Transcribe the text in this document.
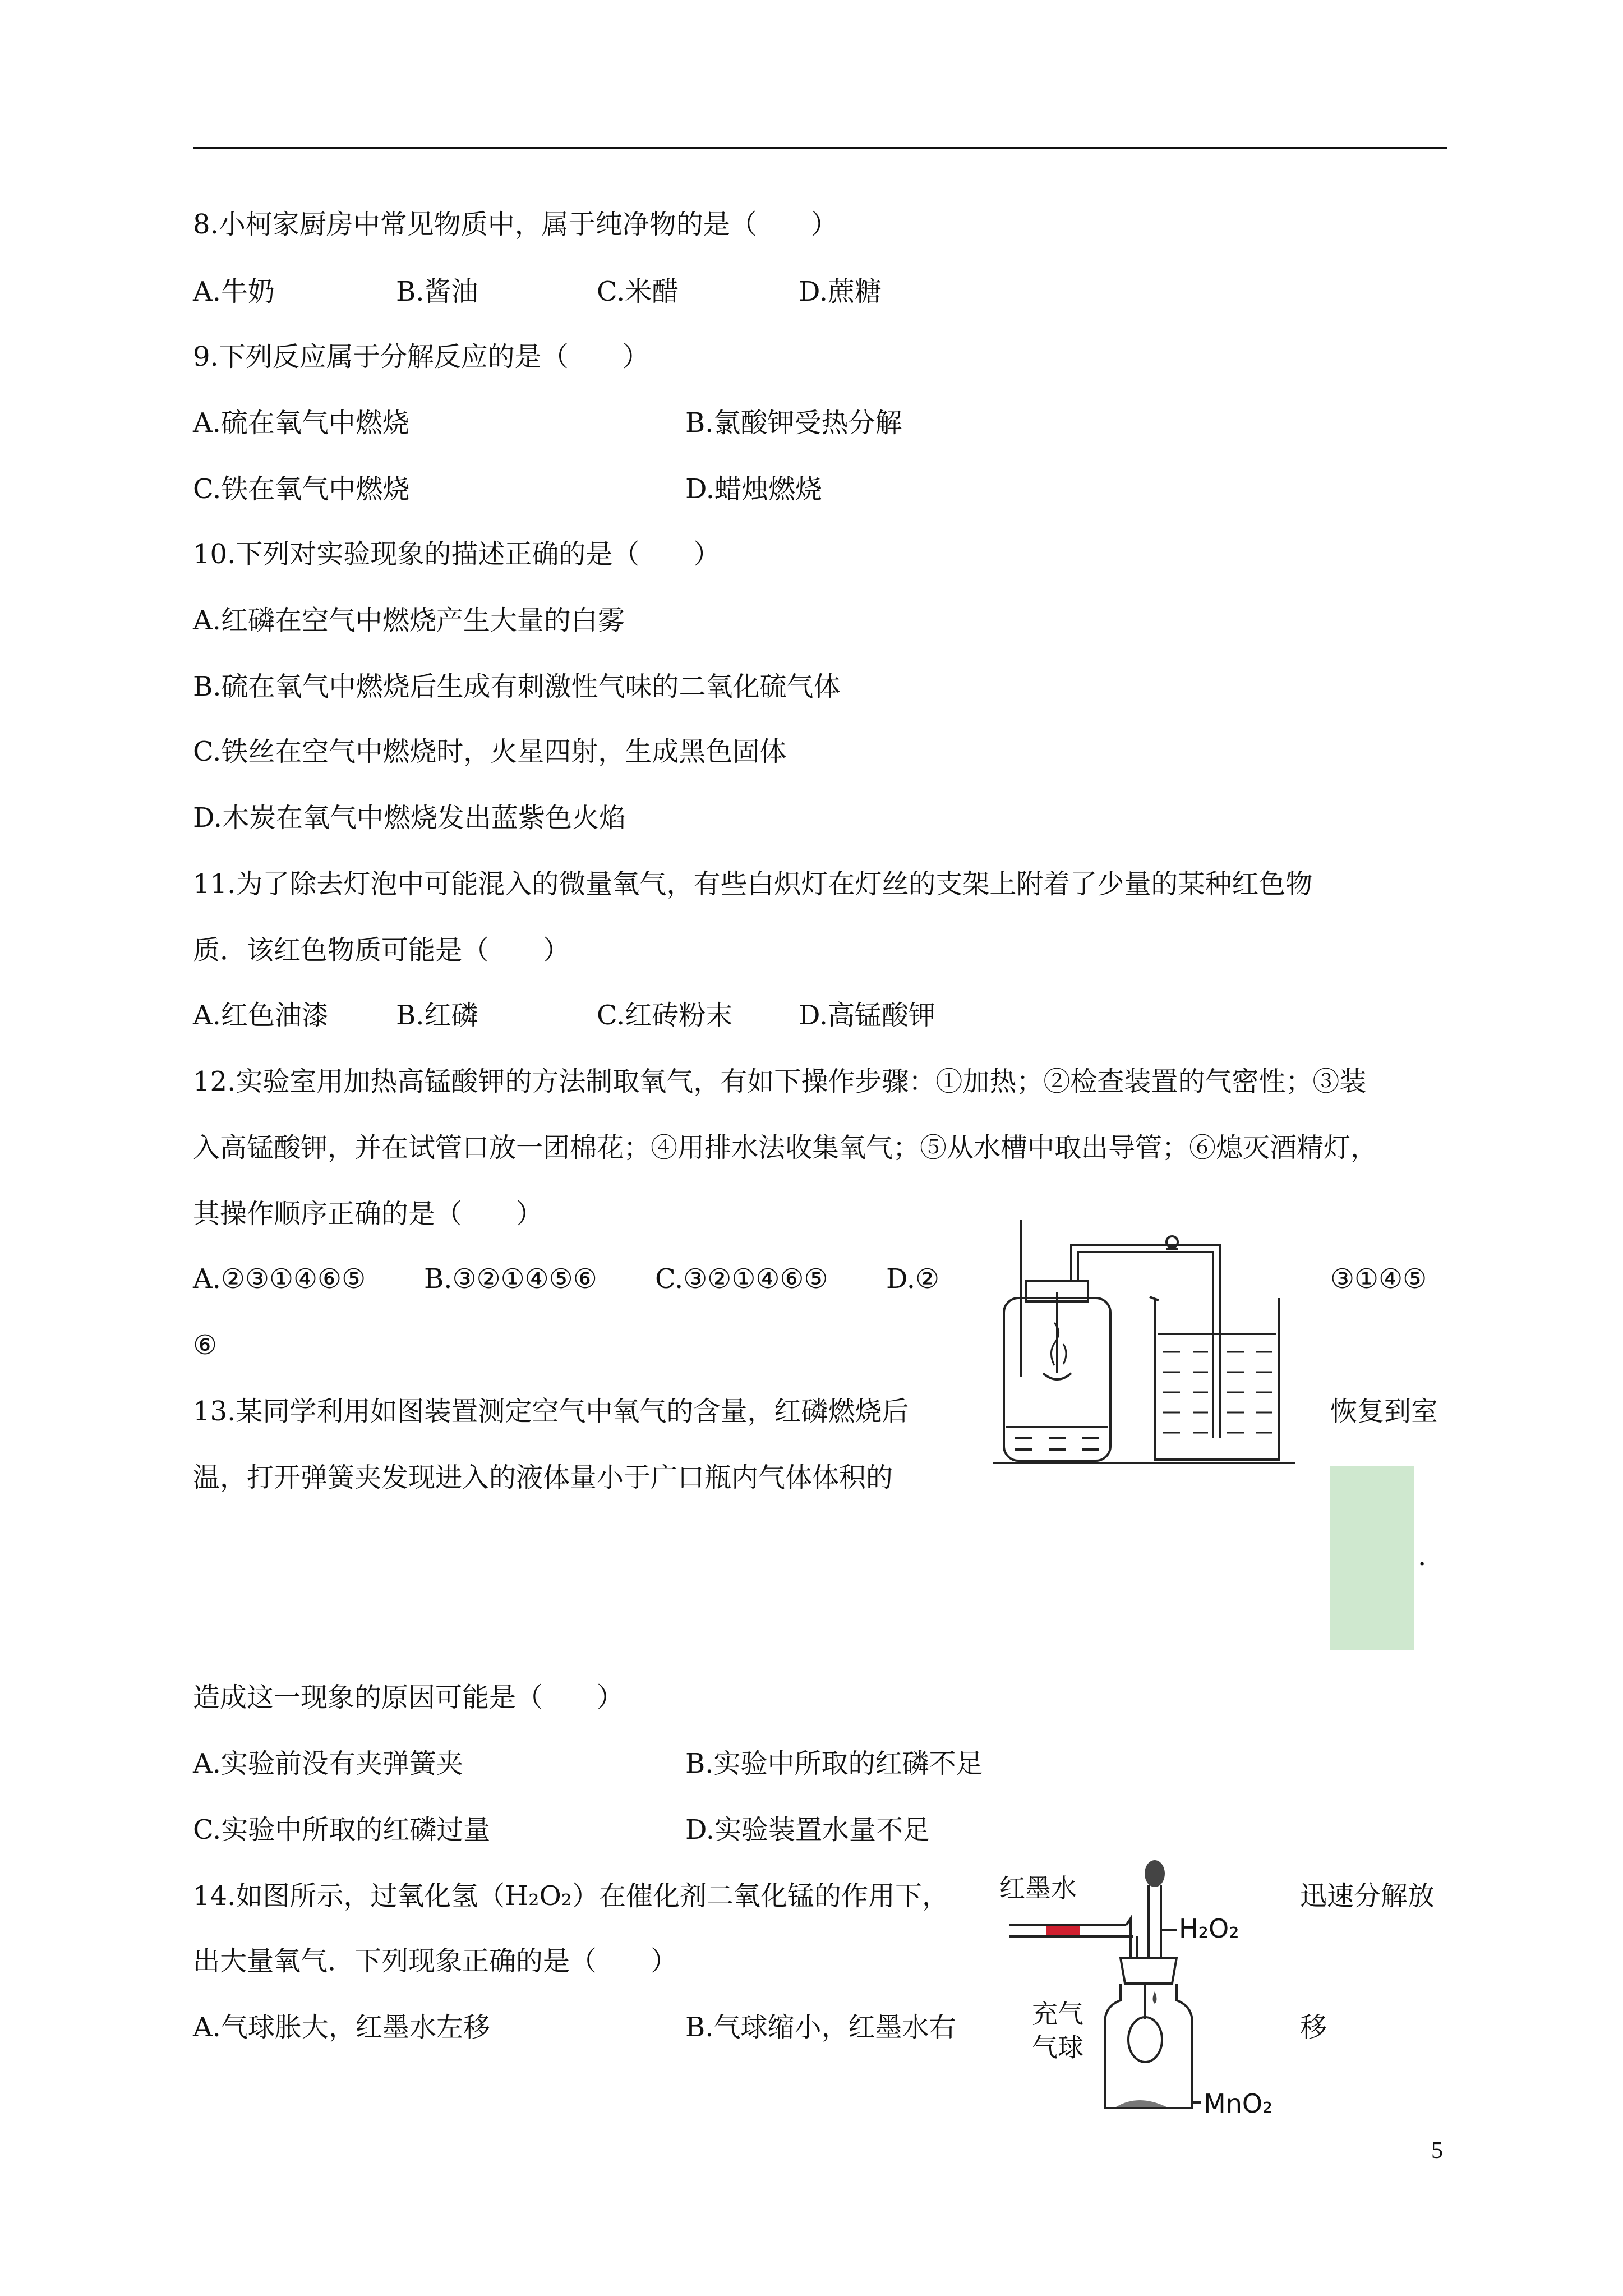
8.小柯家厨房中常见物质中，属于纯净物的是（　　）
A.牛奶	B.酱油	C.米醋	D.蔗糖
9.下列反应属于分解反应的是（　　）
A.硫在氧气中燃烧	B.氯酸钾受热分解
C.铁在氧气中燃烧	D.蜡烛燃烧
10.下列对实验现象的描述正确的是（　　）
A.红磷在空气中燃烧产生大量的白雾
B.硫在氧气中燃烧后生成有刺激性气味的二氧化硫气体
C.铁丝在空气中燃烧时，火星四射，生成黑色固体
D.木炭在氧气中燃烧发出蓝紫色火焰
11.为了除去灯泡中可能混入的微量氧气，有些白炽灯在灯丝的支架上附着了少量的某种红色物
质．该红色物质可能是（　　）
A.红色油漆	B.红磷	C.红砖粉末 D.高锰酸钾
12.实验室用加热高锰酸钾的方法制取氧气，有如下操作步骤：①加热；②检查装置的气密性；③装
入高锰酸钾，并在试管口放一团棉花；④用排水法收集氧气；⑤从水槽中取出导管；⑥熄灭酒精灯，
其操作顺序正确的是（　　）
A.②③①④⑥⑤ B.③②①④⑤⑥ C.③②①④⑥⑤ D.②	③①④⑤
⑥
13.某同学利用如图装置测定空气中氧气的含量，红磷燃烧后	恢复到室
温，打开弹簧夹发现进入的液体量小于广口瓶内气体体积的
.
造成这一现象的原因可能是（　　）
A.实验前没有夹弹簧夹	B.实验中所取的红磷不足
C.实验中所取的红磷过量	D.实验装置水量不足
14.如图所示，过氧化氢（H₂O₂）在催化剂二氧化锰的作用下，	迅速分解放
出大量氧气．下列现象正确的是（　　）
A.气球胀大，红墨水左移	B.气球缩小，红墨水右	移
红墨水
H₂O₂
充气
气球
MnO₂
5
